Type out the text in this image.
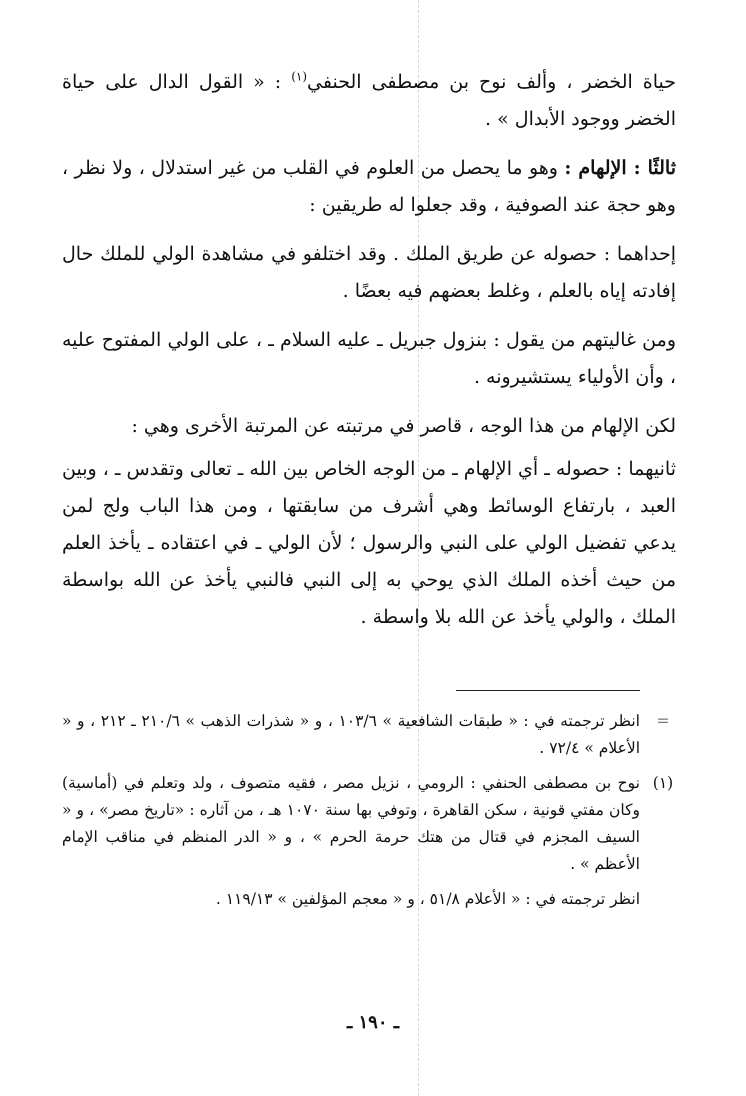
حياة الخضر ، وألف نوح بن مصطفى الحنفي$^{(١)}$ : « القول الدال على حياة الخضر ووجود الأبدال » .

ثالثًا : الإلهام : وهو ما يحصل من العلوم في القلب من غير استدلال ، ولا نظر ، وهو حجة عند الصوفية ، وقد جعلوا له طريقين :

إحداهما : حصوله عن طريق الملك . وقد اختلفو في مشاهدة الولي للملك حال إفادته إياه بالعلم ، وغلط بعضهم فيه بعضًا .

ومن غاليتهم من يقول : بنزول جبريل ـ عليه السلام ـ ، على الولي المفتوح عليه ، وأن الأولياء يستشيرونه .

لكن الإلهام من هذا الوجه ، قاصر في مرتبته عن المرتبة الأخرى وهي :

ثانيهما : حصوله ـ أي الإلهام ـ من الوجه الخاص بين الله ـ تعالى وتقدس ـ ، وبين العبد ، بارتفاع الوسائط وهي أشرف من سابقتها ، ومن هذا الباب ولج لمن يدعي تفضيل الولي على النبي والرسول ؛ لأن الولي ـ في اعتقاده ـ يأخذ العلم من حيث أخذه الملك الذي يوحي به إلى النبي فالنبي يأخذ عن الله بواسطة الملك ، والولي يأخذ عن الله بلا واسطة .

=
انظر ترجمته في : « طبقات الشافعية » ١٠٣/٦ ، و « شذرات الذهب » ٢١٠/٦ ـ ٢١٢ ، و « الأعلام » ٧٢/٤ .

(١)
نوح بن مصطفى الحنفي : الرومي ، نزيل مصر ، فقيه متصوف ، ولد وتعلم في (أماسية) وكان مفتي قونية ، سكن القاهرة ، وتوفي بها سنة ١٠٧٠ هـ ، من آثاره : «تاريخ مصر» ، و « السيف المجزم في قتال من هتك حرمة الحرم » ، و « الدر المنظم في مناقب الإمام الأعظم » .

انظر ترجمته في : « الأعلام ٥١/٨ ، و « معجم المؤلفين » ١١٩/١٣ .

ـ ١٩٠ ـ
